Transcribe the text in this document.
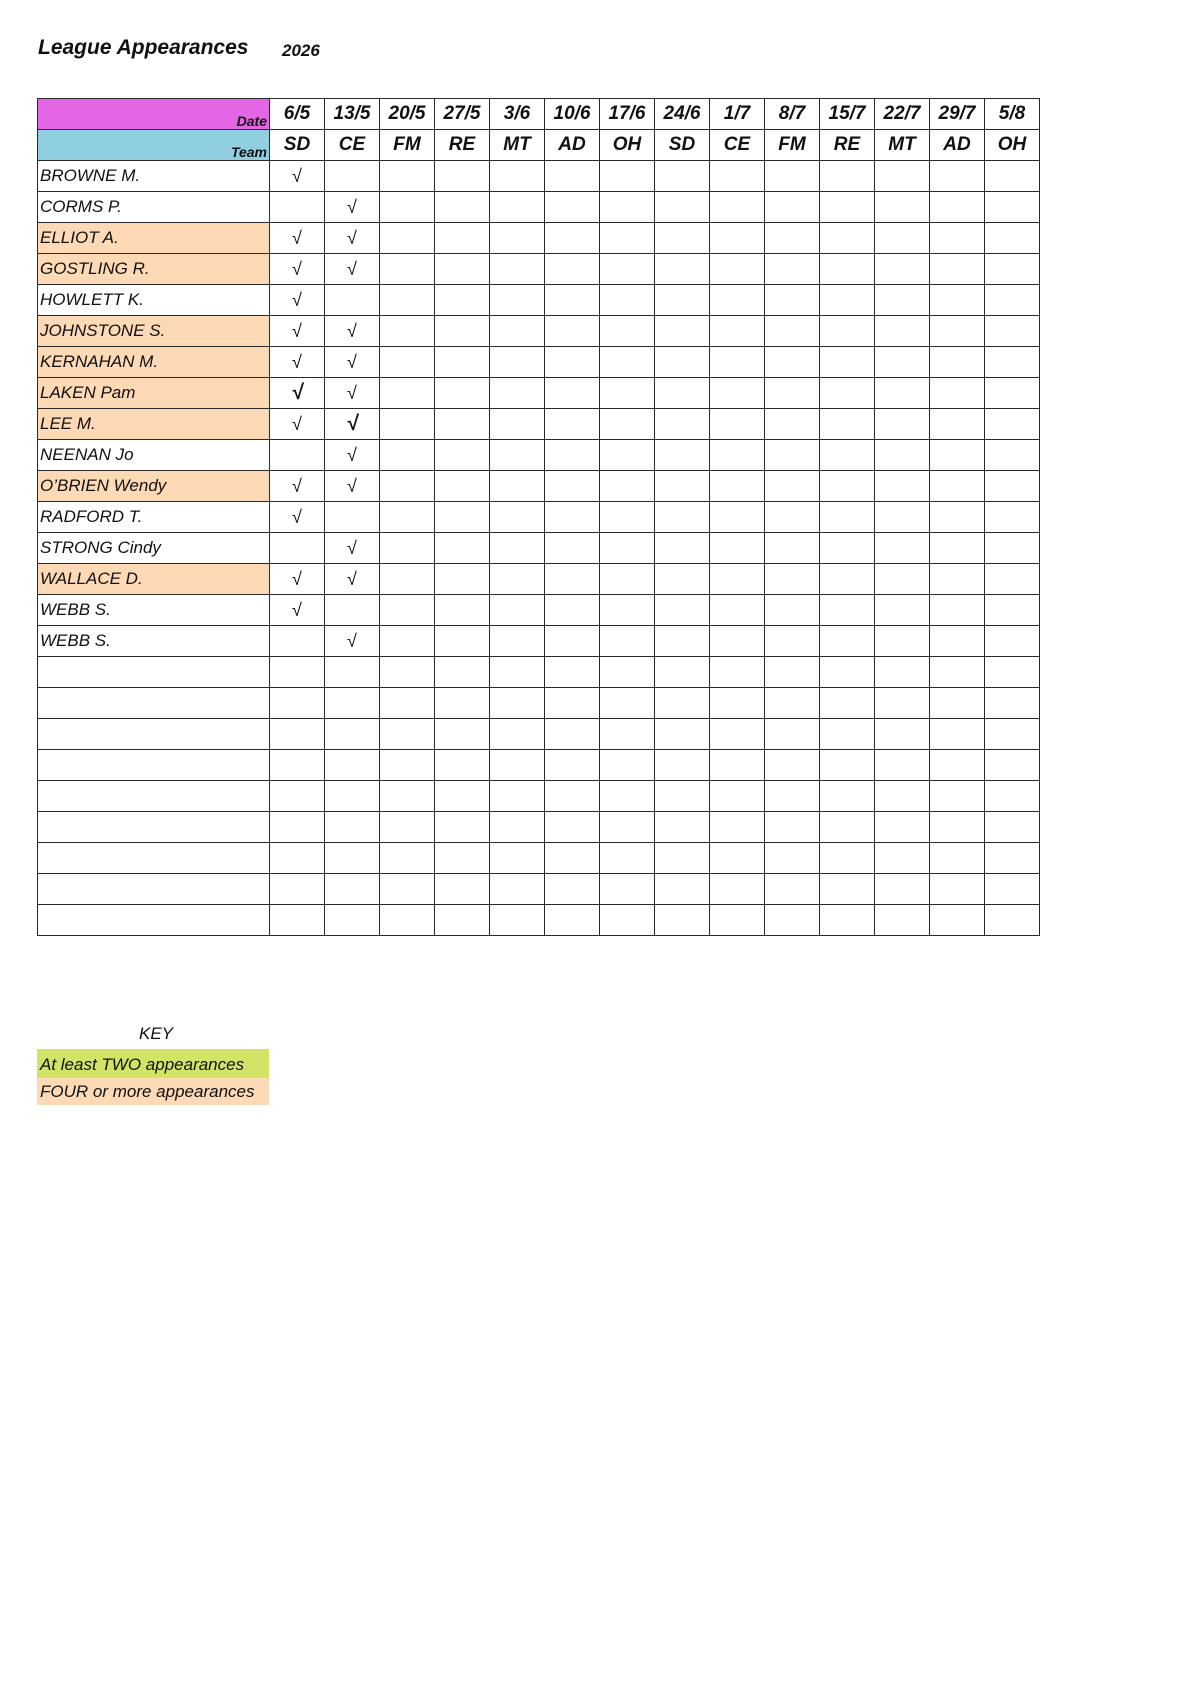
League Appearances 2026
Date	6/5	13/5	20/5	27/5	3/6	10/6	17/6	24/6	1/7	8/7	15/7	22/7	29/7	5/8
Team	SD	CE	FM	RE	MT	AD	OH	SD	CE	FM	RE	MT	AD	OH
BROWNE M.	√													
CORMS P.		√												
ELLIOT A.	√	√												
GOSTLING R.	√	√												
HOWLETT K.	√													
JOHNSTONE S.	√	√												
KERNAHAN M.	√	√												
LAKEN Pam	√	√												
LEE M.	√	√												
NEENAN Jo		√												
O’BRIEN Wendy	√	√												
RADFORD T.	√													
STRONG Cindy		√												
WALLACE D.	√	√												
WEBB S.	√													
WEBB S.		√												

KEY
At least TWO appearances
FOUR or more appearances
